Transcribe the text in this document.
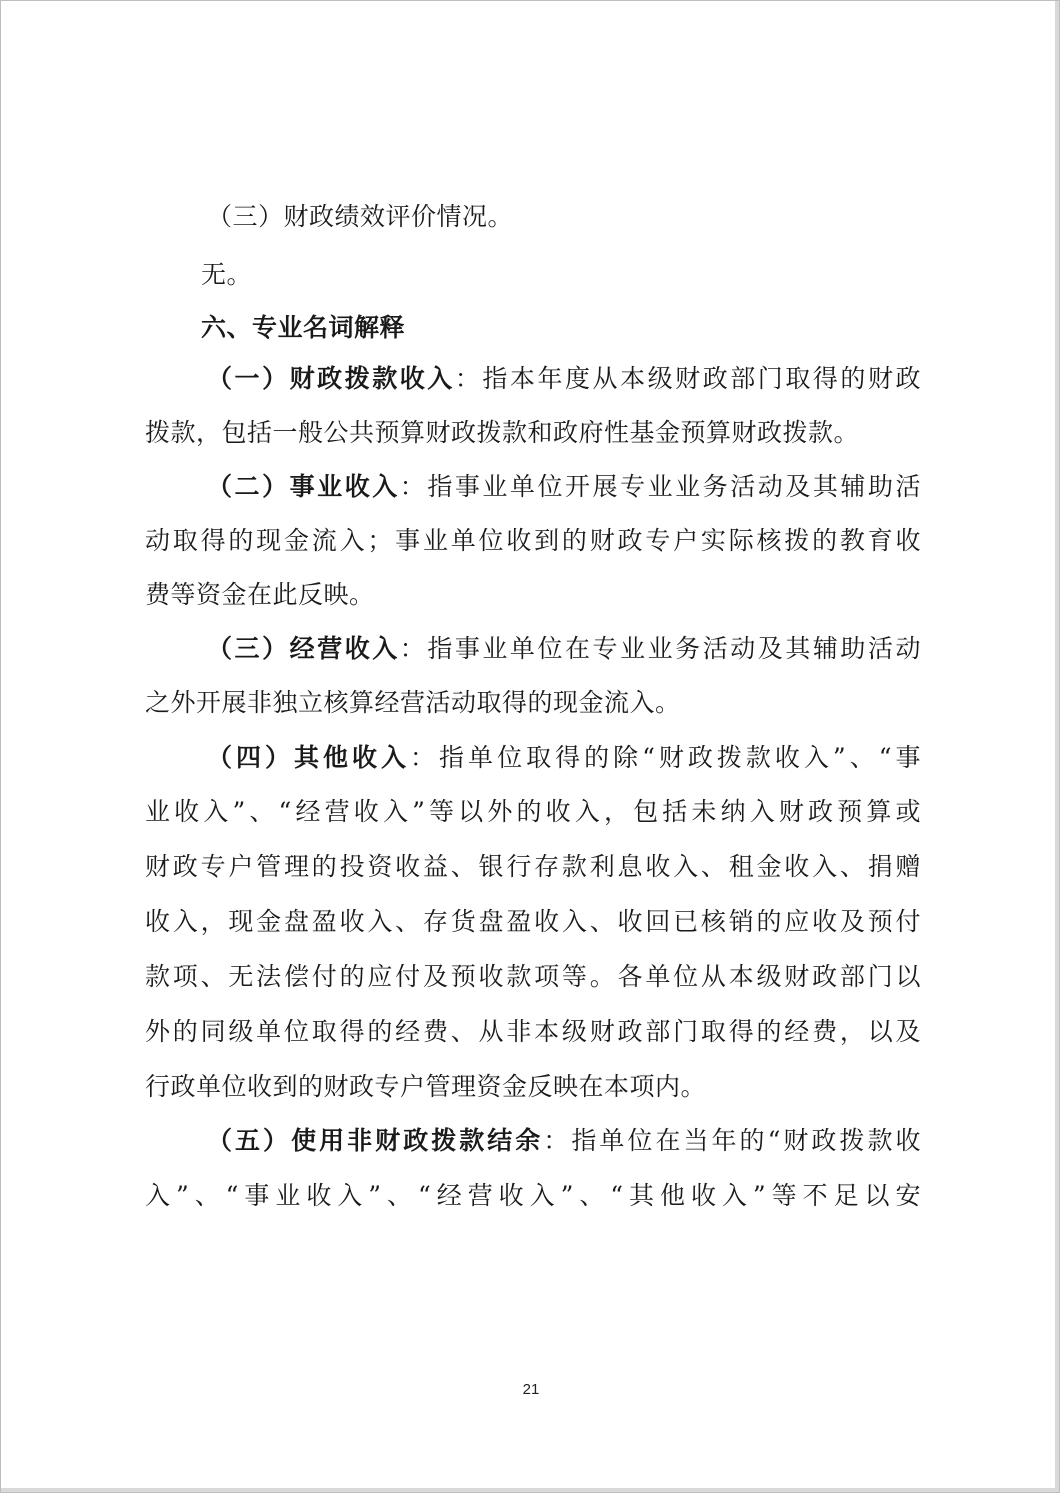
（三）财政绩效评价情况。
无。
六、专业名词解释
（一）财政拨款收入：指本年度从本级财政部门取得的财政
拨款，包括一般公共预算财政拨款和政府性基金预算财政拨款。
（二）事业收入：指事业单位开展专业业务活动及其辅助活
动取得的现金流入；事业单位收到的财政专户实际核拨的教育收
费等资金在此反映。
（三）经营收入：指事业单位在专业业务活动及其辅助活动
之外开展非独立核算经营活动取得的现金流入。
（四）其他收入：指单位取得的除“财政拨款收入”、“事
业收入”、“经营收入”等以外的收入，包括未纳入财政预算或
财政专户管理的投资收益、银行存款利息收入、租金收入、捐赠
收入，现金盘盈收入、存货盘盈收入、收回已核销的应收及预付
款项、无法偿付的应付及预收款项等。各单位从本级财政部门以
外的同级单位取得的经费、从非本级财政部门取得的经费，以及
行政单位收到的财政专户管理资金反映在本项内。
（五）使用非财政拨款结余：指单位在当年的“财政拨款收
入”、“事业收入”、“经营收入”、“其他收入”等不足以安
21
